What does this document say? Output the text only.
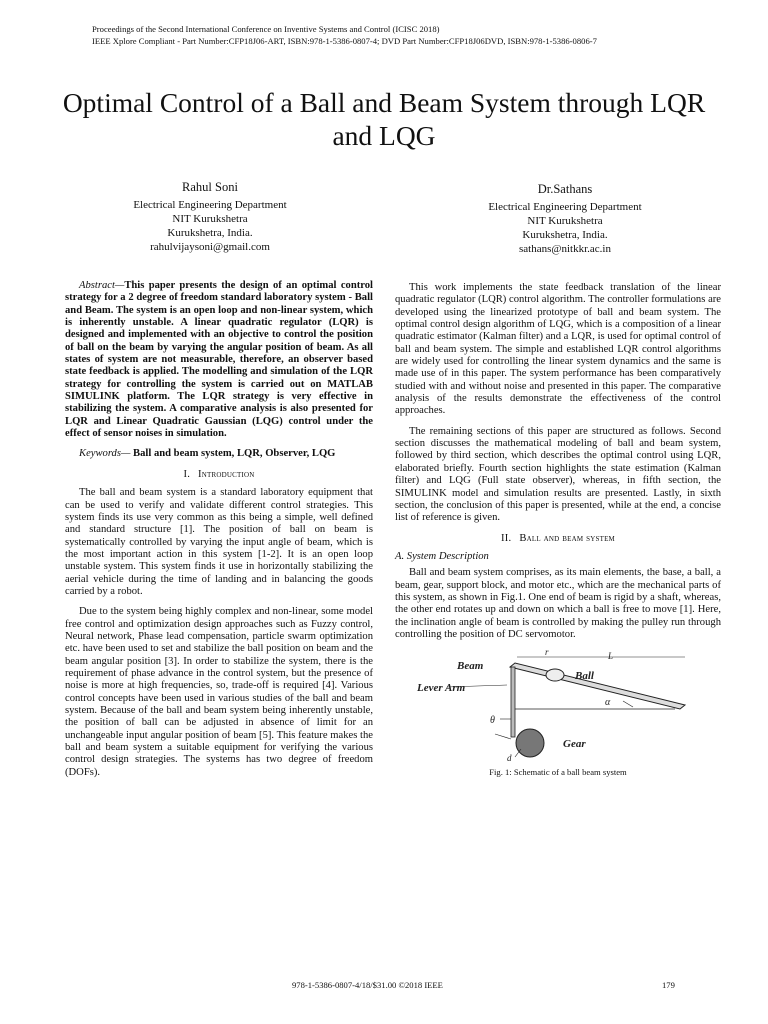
Proceedings of the Second International Conference on Inventive Systems and Control (ICISC 2018)
IEEE Xplore Compliant - Part Number:CFP18J06-ART, ISBN:978-1-5386-0807-4; DVD Part Number:CFP18J06DVD, ISBN:978-1-5386-0806-7
Optimal Control of a Ball and Beam System through LQR and LQG
Rahul Soni
Electrical Engineering Department
NIT Kurukshetra
Kurukshetra, India.
rahulvijaysoni@gmail.com
Dr.Sathans
Electrical Engineering Department
NIT Kurukshetra
Kurukshetra, India.
sathans@nitkkr.ac.in

Abstract—This paper presents the design of an optimal control strategy for a 2 degree of freedom standard laboratory system - Ball and Beam. The system is an open loop and non-linear system, which is inherently unstable. A linear quadratic regulator (LQR) is designed and implemented with an objective to control the position of ball on the beam by varying the angular position of beam. As all states of system are not measurable, therefore, an observer based state feedback is applied. The modelling and simulation of the LQR strategy for controlling the system is carried out on MATLAB SIMULINK platform. The LQR strategy is very effective in stabilizing the system. A comparative analysis is also presented for LQR and Linear Quadratic Gaussian (LQG) control under the effect of sensor noises in simulation.

Keywords— Ball and beam system, LQR, Observer, LQG

I. Introduction

The ball and beam system is a standard laboratory equipment that can be used to verify and validate different control strategies. This system finds its use very common as this being a simple, well defined and standard structure [1]. The position of ball on beam is systematically controlled by varying the input angle of beam, which is the most important action in this system [1-2]. It is an open loop unstable system. This system finds it use in horizontally stabilizing the aerial vehicle during the time of landing and in balancing the goods carried by a robot.

Due to the system being highly complex and non-linear, some model free control and optimization design approaches such as Fuzzy control, Neural network, Phase lead compensation, particle swarm optimization etc. have been used to set and stabilize the ball position on beam and the beam angular position [3]. In order to stabilize the system, there is the requirement of phase advance in the control system, but the presence of noise is more at high frequencies, so, trade-off is required [4]. Various control concepts have been used in various studies of the ball and beam system. Because of the ball and beam system being inherently unstable, the position of ball can be adjusted in absence of limit for an unchangeable input angular position of beam [5]. This feature makes the ball and beam system a suitable equipment for verifying the various control design strategies. The systems has two degree of freedom (DOFs).

This work implements the state feedback translation of the linear quadratic regulator (LQR) control algorithm. The controller formulations are developed using the linearized prototype of ball and beam system. The optimal control design algorithm of LQG, which is a composition of a linear quadratic estimator (Kalman filter) and a LQR, is used for optimal control of ball and beam system. The simple and established LQR control algorithms are widely used for controlling the linear system dynamics and the same is made use of in this paper. The system performance has been comparatively studied with and without noise and presented in this paper. The comparative analysis of the results demonstrate the effectiveness of the control approaches.

The remaining sections of this paper are structured as follows. Second section discusses the mathematical modeling of ball and beam system, followed by third section, which describes the optimal control using LQR, elaborated briefly. Fourth section highlights the state estimation (Kalman filter) and LQG (Full state observer), whereas, in fifth section, the SIMULINK model and simulation results are presented. Lastly, in sixth section, the conclusion of this paper is presented, while at the end, a concise list of reference is given.

II. Ball and beam system
A. System Description

Ball and beam system comprises, as its main elements, the base, a ball, a beam, gear, support block, and motor etc., which are the mechanical parts of this system, as shown in Fig.1. One end of beam is rigid by a shaft, whereas, the other end rotates up and down on which a ball is free to move [1]. Here, the inclination angle of beam is controlled by making the pulley run through controlling the position of DC servomotor.

Beam
Ball
Lever Arm
Gear
r	L
α
θ
d
Fig. 1: Schematic of a ball beam system
978-1-5386-0807-4/18/$31.00 ©2018 IEEE	179
